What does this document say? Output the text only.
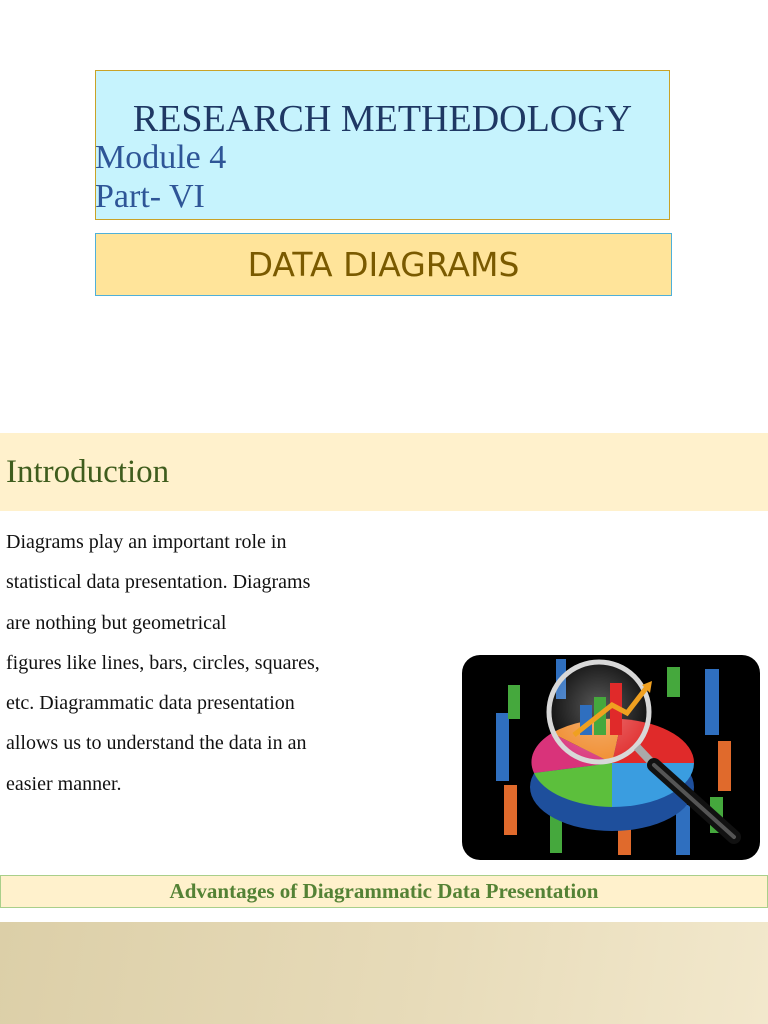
RESEARCH METHEDOLOGY
Module 4
Part- VI
DATA DIAGRAMS
Introduction
Diagrams play an important role in
statistical data presentation. Diagrams
are nothing but geometrical
figures like lines, bars, circles, squares,
etc. Diagrammatic data presentation
allows us to understand the data in an
easier manner.
Advantages of Diagrammatic Data Presentation
